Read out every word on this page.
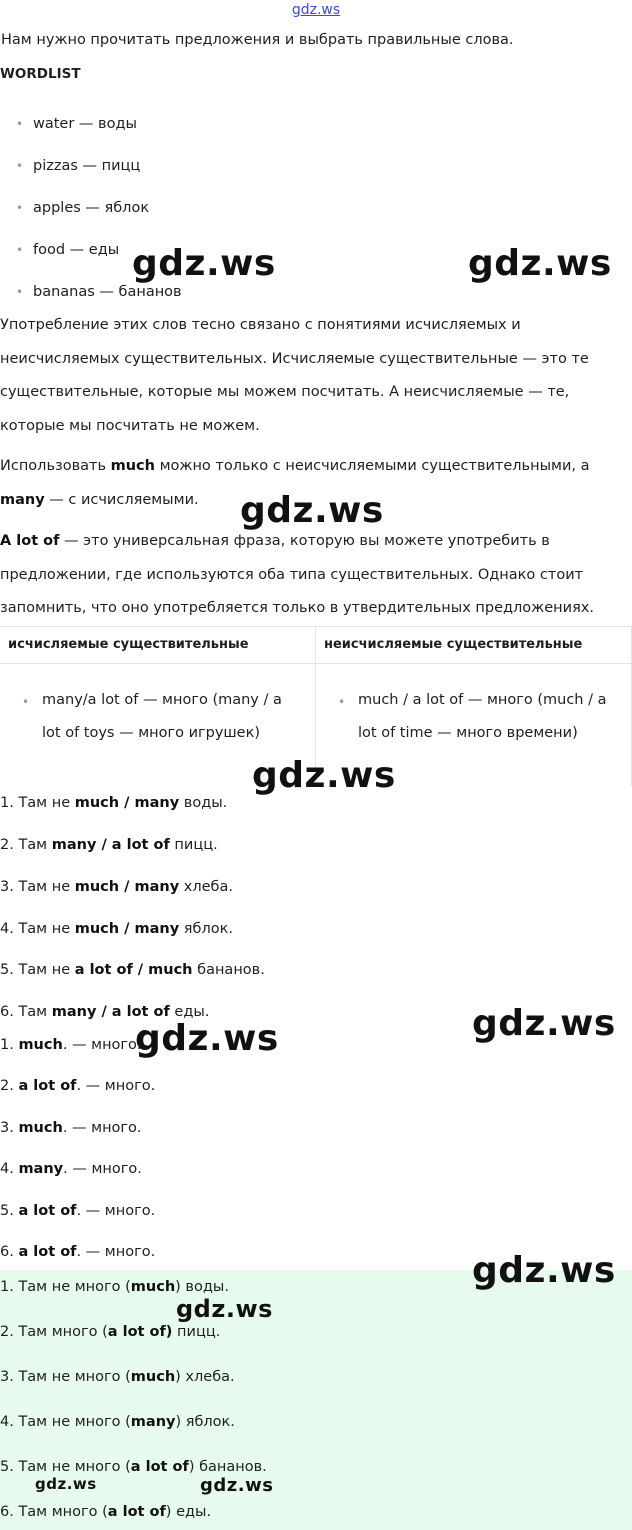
gdz.ws
Нам нужно прочитать предложения и выбрать правильные слова.
WORDLIST
• water — воды
• pizzas — пицц
• apples — яблок
• food — еды
• bananas — бананов
Употребление этих слов тесно связано с понятиями исчисляемых и
неисчисляемых существительных. Исчисляемые существительные — это те
существительные, которые мы можем посчитать. А неисчисляемые — те,
которые мы посчитать не можем.
Использовать much можно только с неисчисляемыми существительными, а
many — с исчисляемыми.
A lot of — это универсальная фраза, которую вы можете употребить в
предложении, где используются оба типа существительных. Однако стоит
запомнить, что оно употребляется только в утвердительных предложениях.
исчисляемые существительные
• many/a lot of — много (many / a
lot of toys — много игрушек)
неисчисляемые существительные
• much / a lot of — много (much / a
lot of time — много времени)
1. Там не much / many воды.
2. Там many / a lot of пицц.
3. Там не much / many хлеба.
4. Там не much / many яблок.
5. Там не a lot of / much бананов.
6. Там many / a lot of еды.
1. much. — много.
2. a lot of. — много.
3. much. — много.
4. many. — много.
5. a lot of. — много.
6. a lot of. — много.
1. Там не много (much) воды.
2. Там много (a lot of) пицц.
3. Там не много (much) хлеба.
4. Там не много (many) яблок.
5. Там не много (a lot of) бананов.
6. Там много (a lot of) еды.
gdz.ws	gdz.ws
gdz.ws
gdz.ws
gdz.ws
gdz.ws
gdz.ws
gdz.ws
gdz.ws
gdz.ws
